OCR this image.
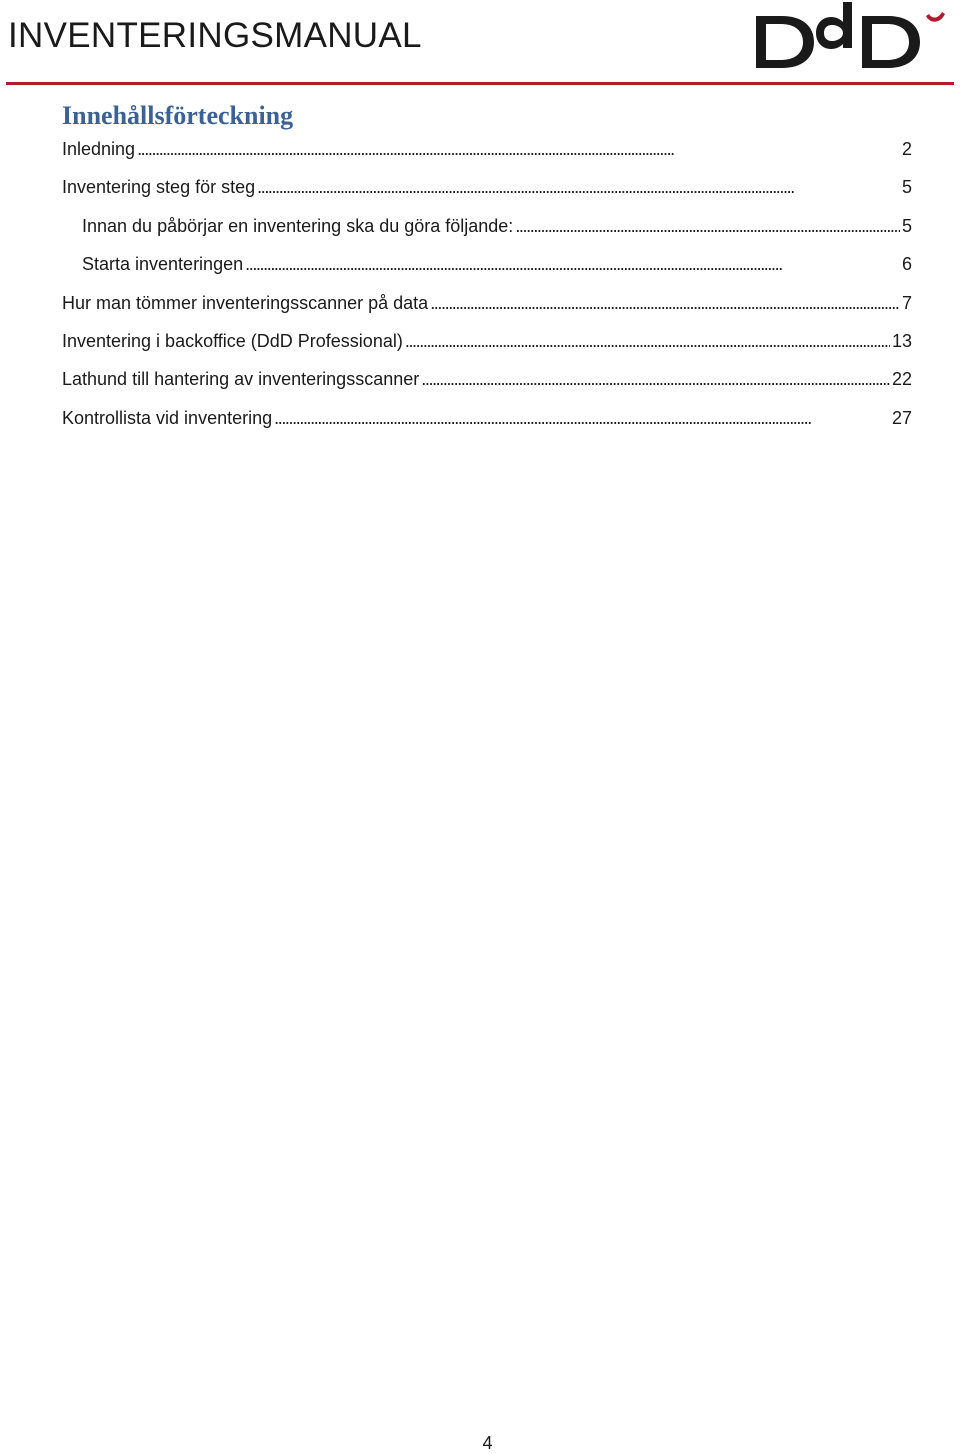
INVENTERINGSMANUAL
Innehållsförteckning
Inledning . . .	2
Inventering steg för steg . . .	5
Innan du påbörjar en inventering ska du göra följande: . . .	5
Starta inventeringen . . .	6
Hur man tömmer inventeringsscanner på data . . .	7
Inventering i backoffice (DdD Professional) . . .	13
Lathund till hantering av inventeringsscanner . . .	22
Kontrollista vid inventering . . .	27
4
